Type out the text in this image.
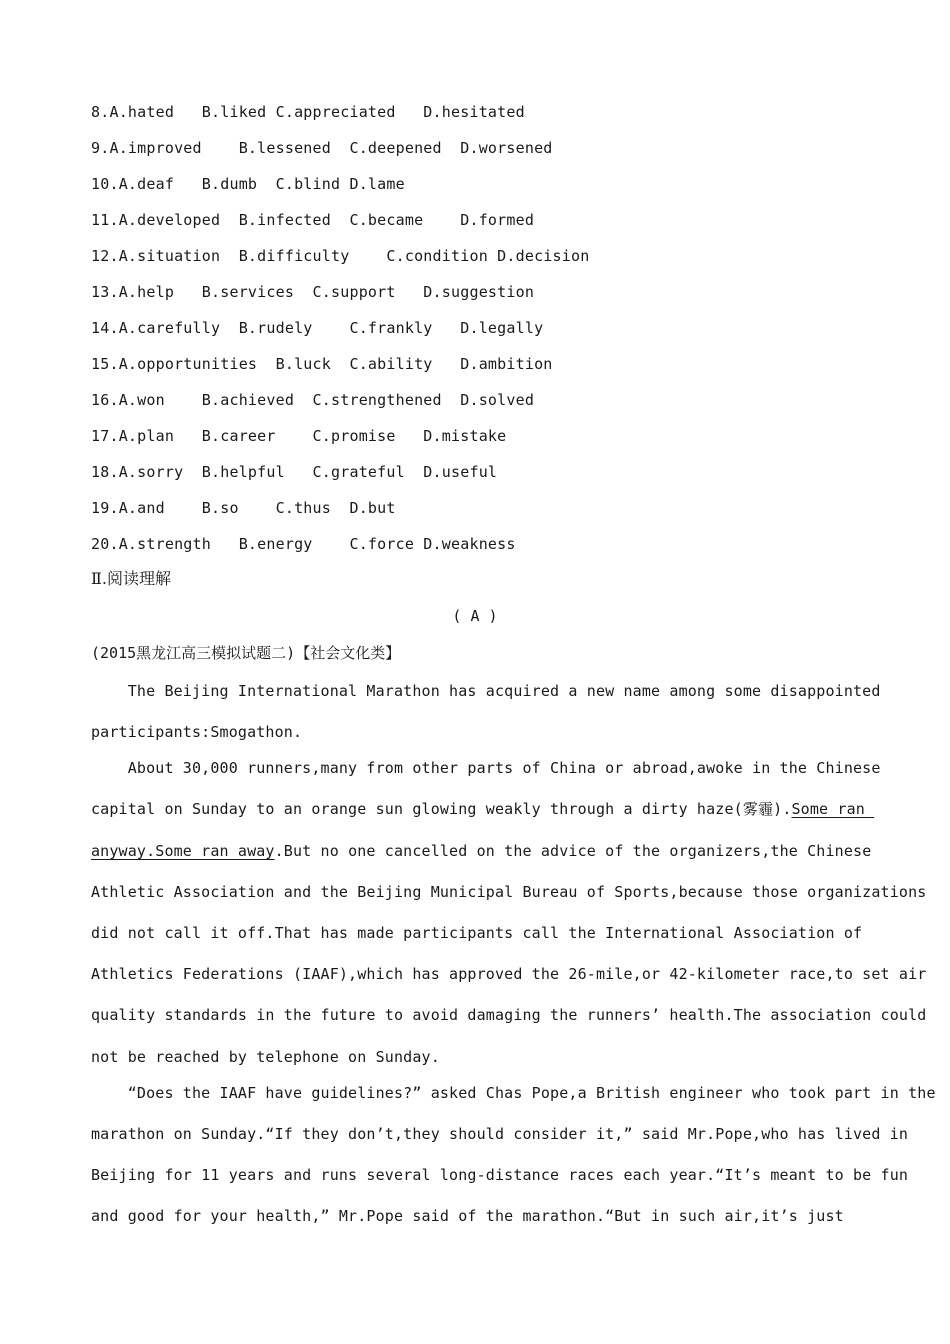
8.A.hated   B.liked C.appreciated   D.hesitated
9.A.improved    B.lessened  C.deepened  D.worsened
10.A.deaf   B.dumb  C.blind D.lame
11.A.developed  B.infected  C.became    D.formed
12.A.situation  B.difficulty    C.condition D.decision
13.A.help   B.services  C.support   D.suggestion
14.A.carefully  B.rudely    C.frankly   D.legally
15.A.opportunities  B.luck  C.ability   D.ambition
16.A.won    B.achieved  C.strengthened  D.solved
17.A.plan   B.career    C.promise   D.mistake
18.A.sorry  B.helpful   C.grateful  D.useful
19.A.and    B.so    C.thus  D.but
20.A.strength   B.energy    C.force D.weakness
Ⅱ.阅读理解
( A )
(2015黑龙江高三模拟试题二)【社会文化类】
The Beijing International Marathon has acquired a new name among some disappointed
participants:Smogathon.
About 30,000 runners,many from other parts of China or abroad,awoke in the Chinese
capital on Sunday to an orange sun glowing weakly through a dirty haze(雾霾).Some ran
anyway.Some ran away.But no one cancelled on the advice of the organizers,the Chinese
Athletic Association and the Beijing Municipal Bureau of Sports,because those organizations
did not call it off.That has made participants call the International Association of
Athletics Federations (IAAF),which has approved the 26-mile,or 42-kilometer race,to set air
quality standards in the future to avoid damaging the runners’ health.The association could
not be reached by telephone on Sunday.
“Does the IAAF have guidelines?” asked Chas Pope,a British engineer who took part in the
marathon on Sunday.“If they don’t,they should consider it,” said Mr.Pope,who has lived in
Beijing for 11 years and runs several long-distance races each year.“It’s meant to be fun
and good for your health,” Mr.Pope said of the marathon.“But in such air,it’s just
